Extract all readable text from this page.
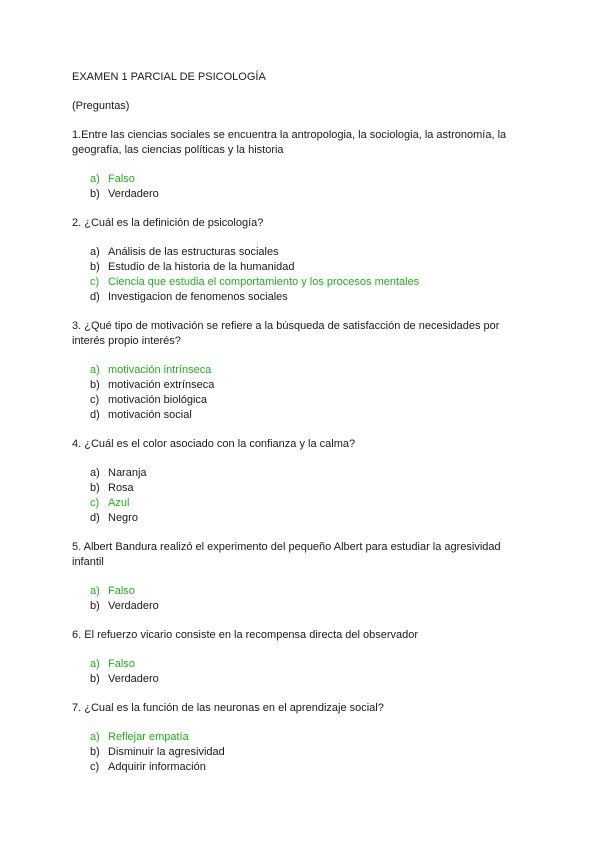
EXAMEN 1 PARCIAL DE PSICOLOGÍA
(Preguntas)
1.Entre las ciencias sociales se encuentra la antropologia, la sociologia, la astronomía, la geografía, las ciencias políticas y la historia
a) Falso
b) Verdadero
2. ¿Cuál es la definición de psicología?
a) Análisis de las estructuras sociales
b) Estudio de la historia de la humanidad
c) Ciencia que estudia el comportamiento y los procesos mentales
d) Investigacion de fenomenos sociales
3. ¿Qué tipo de motivación se refiere a la búsqueda de satisfacción de necesidades por interés propio interés?
a) motivación intrínseca
b) motivación extrínseca
c) motivación biológica
d) motivación social
4. ¿Cuál es el color asociado con la confianza y la calma?
a) Naranja
b) Rosa
c) Azul
d) Negro
5. Albert Bandura realizó el experimento del pequeño Albert para estudiar la agresividad infantil
a) Falso
b) Verdadero
6. El refuerzo vicario consiste en la recompensa directa del observador
a) Falso
b) Verdadero
7. ¿Cual es la función de las neuronas en el aprendizaje social?
a) Reflejar empatía
b) Disminuir la agresividad
c) Adquirir información
